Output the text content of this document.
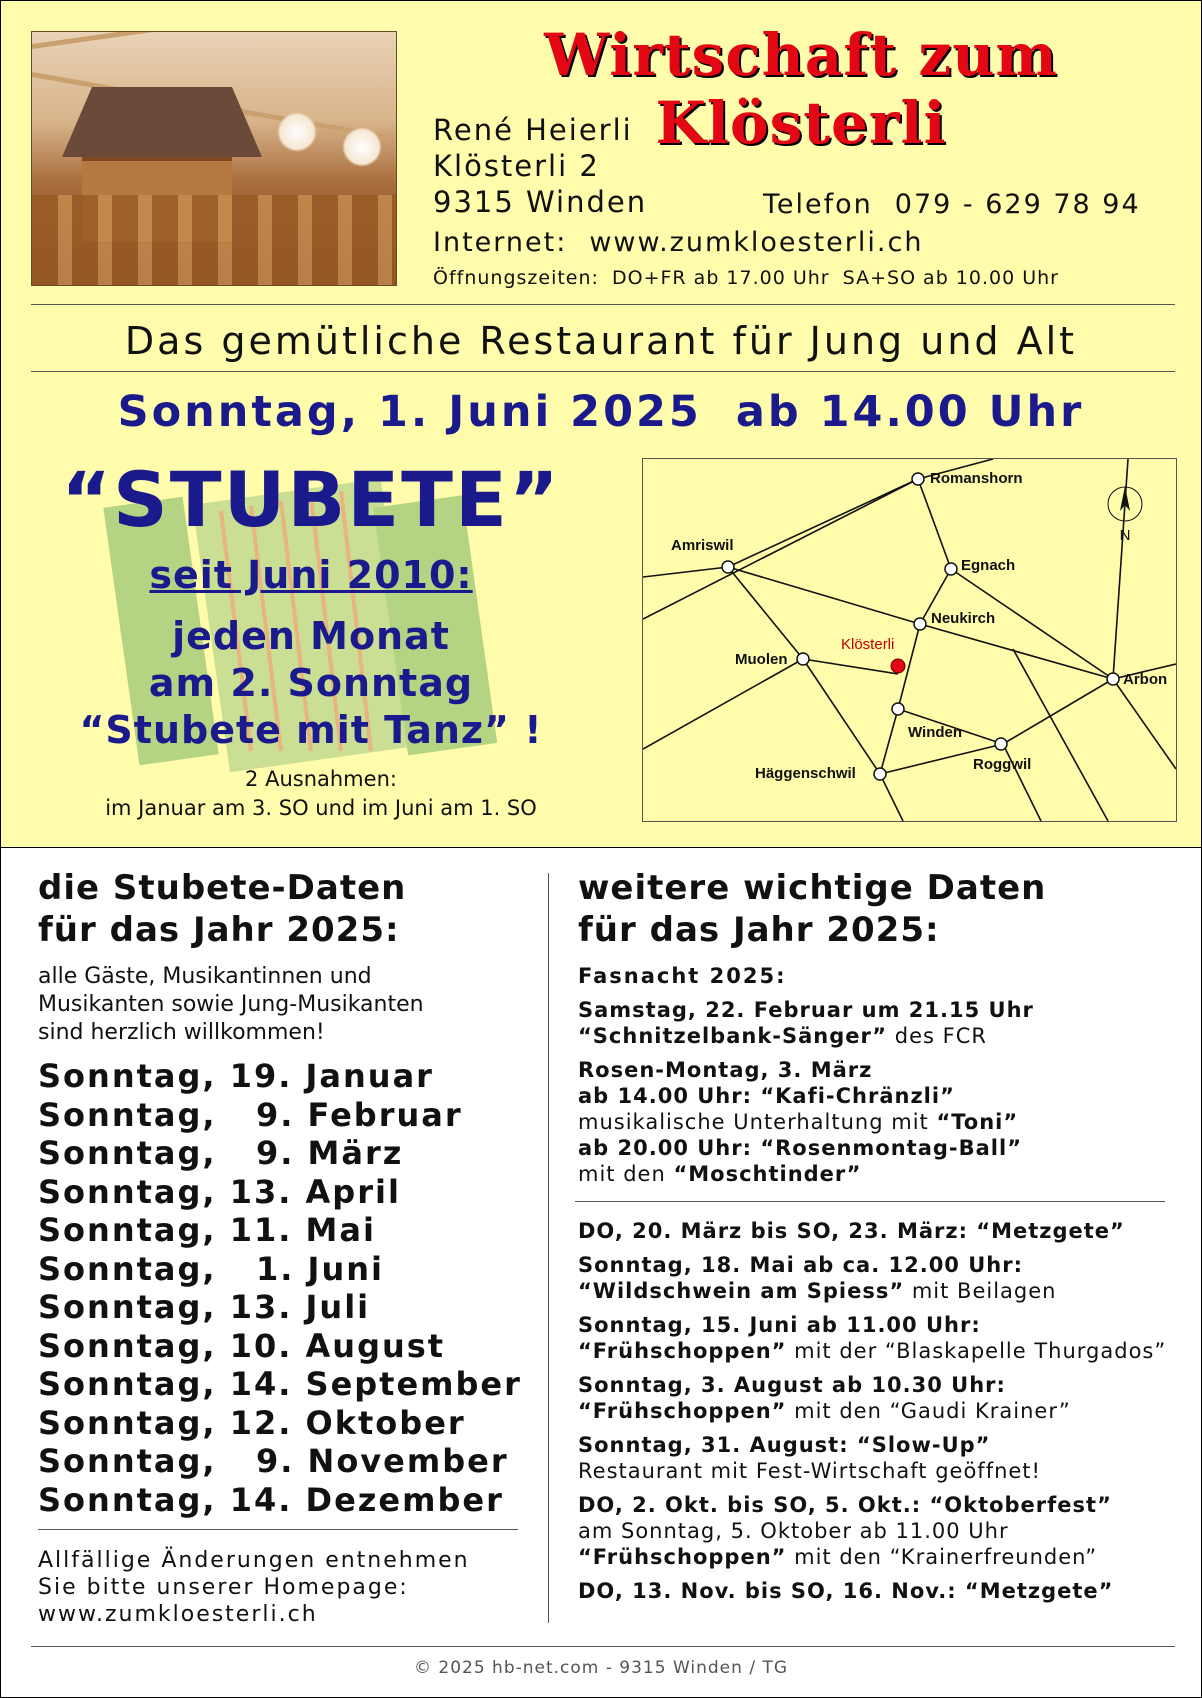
Wirtschaft zum Klösterli
René Heierli
Klösterli 2
9315 Winden	Telefon 079 - 629 78 94
Internet: www.zumkloesterli.ch
Öffnungszeiten: DO+FR ab 17.00 Uhr SA+SO ab 10.00 Uhr
Das gemütliche Restaurant für Jung und Alt
Sonntag, 1. Juni 2025 ab 14.00 Uhr
“STUBETE”
seit Juni 2010:
jeden Monat
am 2. Sonntag
“Stubete mit Tanz” !
2 Ausnahmen:
im Januar am 3. SO und im Juni am 1. SO
N
Romanshorn
Amriswil
Egnach
Neukirch
Klösterli
Muolen
Arbon
Winden
Roggwil
Häggenschwil
die Stubete-Daten
für das Jahr 2025:
alle Gäste, Musikantinnen und
Musikanten sowie Jung-Musikanten
sind herzlich willkommen!
Sonntag, 19. Januar
Sonntag,   9. Februar
Sonntag,   9. März
Sonntag, 13. April
Sonntag, 11. Mai
Sonntag,   1. Juni
Sonntag, 13. Juli
Sonntag, 10. August
Sonntag, 14. September
Sonntag, 12. Oktober
Sonntag,   9. November
Sonntag, 14. Dezember
Allfällige Änderungen entnehmen
Sie bitte unserer Homepage:
www.zumkloesterli.ch
weitere wichtige Daten
für das Jahr 2025:
Fasnacht 2025:
Samstag, 22. Februar um 21.15 Uhr
“Schnitzelbank-Sänger” des FCR
Rosen-Montag, 3. März
ab 14.00 Uhr: “Kafi-Chränzli”
musikalische Unterhaltung mit “Toni”
ab 20.00 Uhr: “Rosenmontag-Ball”
mit den “Moschtinder”
DO, 20. März bis SO, 23. März: “Metzgete”
Sonntag, 18. Mai ab ca. 12.00 Uhr:
“Wildschwein am Spiess” mit Beilagen
Sonntag, 15. Juni ab 11.00 Uhr:
“Frühschoppen” mit der “Blaskapelle Thurgados”
Sonntag, 3. August ab 10.30 Uhr:
“Frühschoppen” mit den “Gaudi Krainer”
Sonntag, 31. August: “Slow-Up”
Restaurant mit Fest-Wirtschaft geöffnet!
DO, 2. Okt. bis SO, 5. Okt.: “Oktoberfest”
am Sonntag, 5. Oktober ab 11.00 Uhr
“Frühschoppen” mit den “Krainerfreunden”
DO, 13. Nov. bis SO, 16. Nov.: “Metzgete”
© 2025 hb-net.com - 9315 Winden / TG
